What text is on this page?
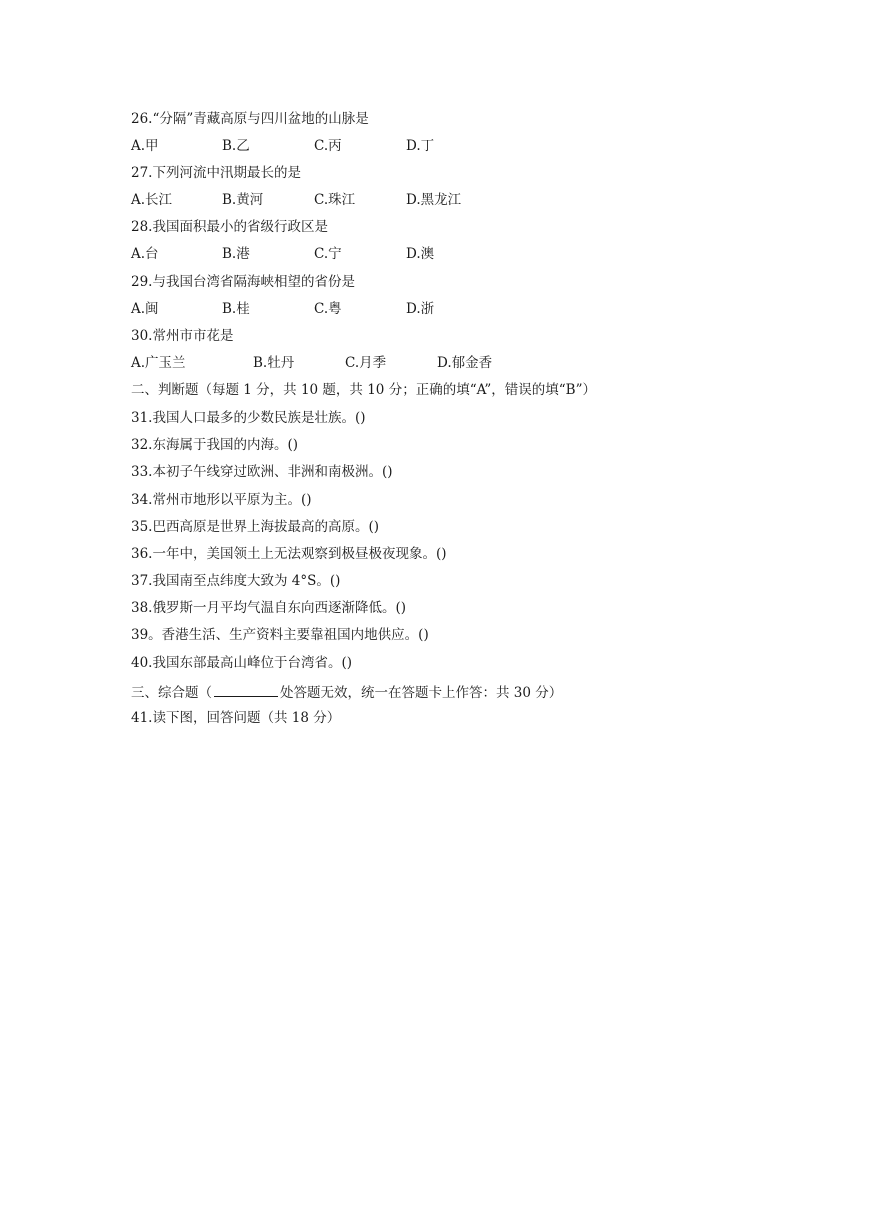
26.“分隔”青藏高原与四川盆地的山脉是
A.甲	B.乙	C.丙	D.丁
27.下列河流中汛期最长的是
A.长江	B.黄河	C.珠江	D.黑龙江
28.我国面积最小的省级行政区是
A.台	B.港	C.宁	D.澳
29.与我国台湾省隔海峡相望的省份是
A.闽	B.桂	C.粤	D.浙
30.常州市市花是
A.广玉兰	B.牡丹	C.月季	D.郁金香
二、判断题（每题 1 分，共 10 题，共 10 分；正确的填“A”，错误的填“B”）
31.我国人口最多的少数民族是壮族。()
32.东海属于我国的内海。()
33.本初子午线穿过欧洲、非洲和南极洲。()
34.常州市地形以平原为主。()
35.巴西高原是世界上海拔最高的高原。()
36.一年中，美国领土上无法观察到极昼极夜现象。()
37.我国南至点纬度大致为 4°S。()
38.俄罗斯一月平均气温自东向西逐渐降低。()
39。香港生活、生产资料主要靠祖国内地供应。()
40.我国东部最高山峰位于台湾省。()
三、综合题（	处答题无效，统一在答题卡上作答：共 30 分）
41.读下图，回答问题（共 18 分）
